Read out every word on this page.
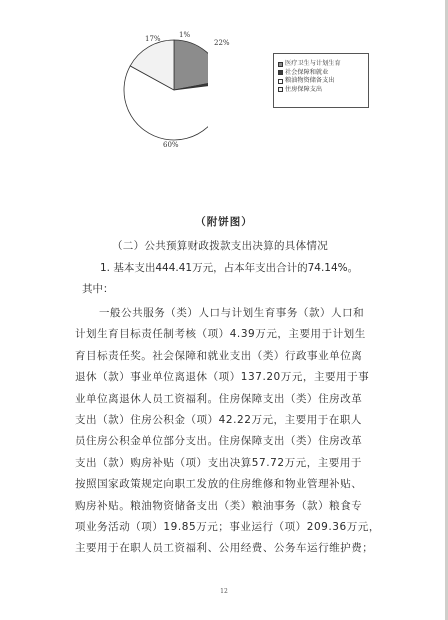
22%
1%
60%
17%
医疗卫生与计划生育
社会保障和就业
粮油物资储备支出
住房保障支出
（附饼图）
（二）公共预算财政拨款支出决算的具体情况
1. 基本支出444.41万元，占本年支出合计的74.14%。
其中：
一般公共服务（类）人口与计划生育事务（款）人口和
计划生育目标责任制考核（项）4.39万元，主要用于计划生
育目标责任奖。社会保障和就业支出（类）行政事业单位离
退休（款）事业单位离退休（项）137.20万元，主要用于事
业单位离退休人员工资福利。住房保障支出（类）住房改革
支出（款）住房公积金（项）42.22万元，主要用于在职人
员住房公积金单位部分支出。住房保障支出（类）住房改革
支出（款）购房补贴（项）支出决算57.72万元，主要用于
按照国家政策规定向职工发放的住房维修和物业管理补贴、
购房补贴。粮油物资储备支出（类）粮油事务（款）粮食专
项业务活动（项）19.85万元；事业运行（项）209.36万元，
主要用于在职人员工资福利、公用经费、公务车运行维护费；
12
